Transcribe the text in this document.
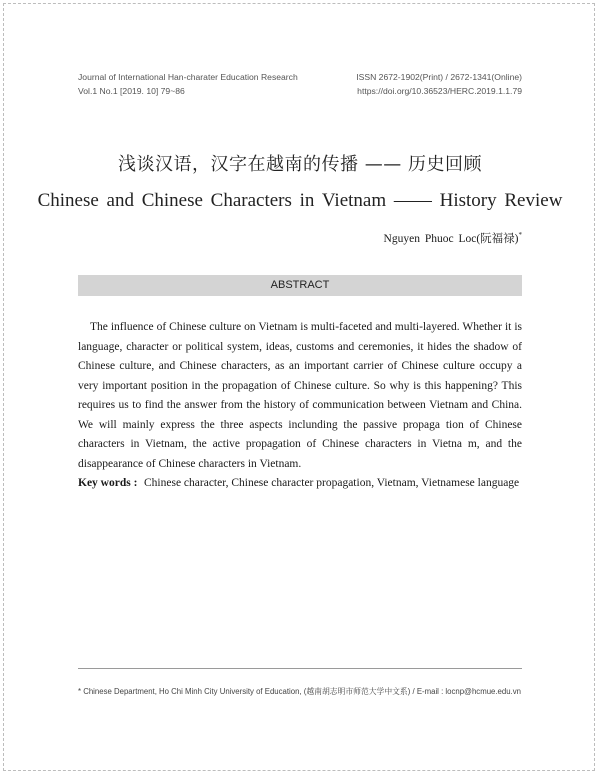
Journal of International Han-charater Education Research
Vol.1 No.1 [2019. 10] 79~86
ISSN 2672-1902(Print) / 2672-1341(Online)
https://doi.org/10.36523/HERC.2019.1.1.79
浅谈汉语，汉字在越南的传播 —— 历史回顾
Chinese and Chinese Characters in Vietnam —— History Review
Nguyen Phuoc Loc(阮福禄)*
ABSTRACT
The influence of Chinese culture on Vietnam is multi-faceted and multi-layered. Whether it is language, character or political system, ideas, customs and ceremonies, it hides the shadow of Chinese culture, and Chinese characters, as an important carrier of Chinese culture occupy a very important position in the propagation of Chinese culture. So why is this happening? This requires us to find the answer from the history of communication between Vietnam and China. We will mainly express the three aspects inclunding the passive propaga tion of Chinese characters in Vietnam, the active propagation of Chinese characters in Vietna m, and the disappearance of Chinese characters in Vietnam.
Key words : Chinese character, Chinese character propagation, Vietnam, Vietnamese language
* Chinese Department, Ho Chi Minh City University of Education, (越南胡志明市师范大学中文系) / E-mail : locnp@hcmue.edu.vn
